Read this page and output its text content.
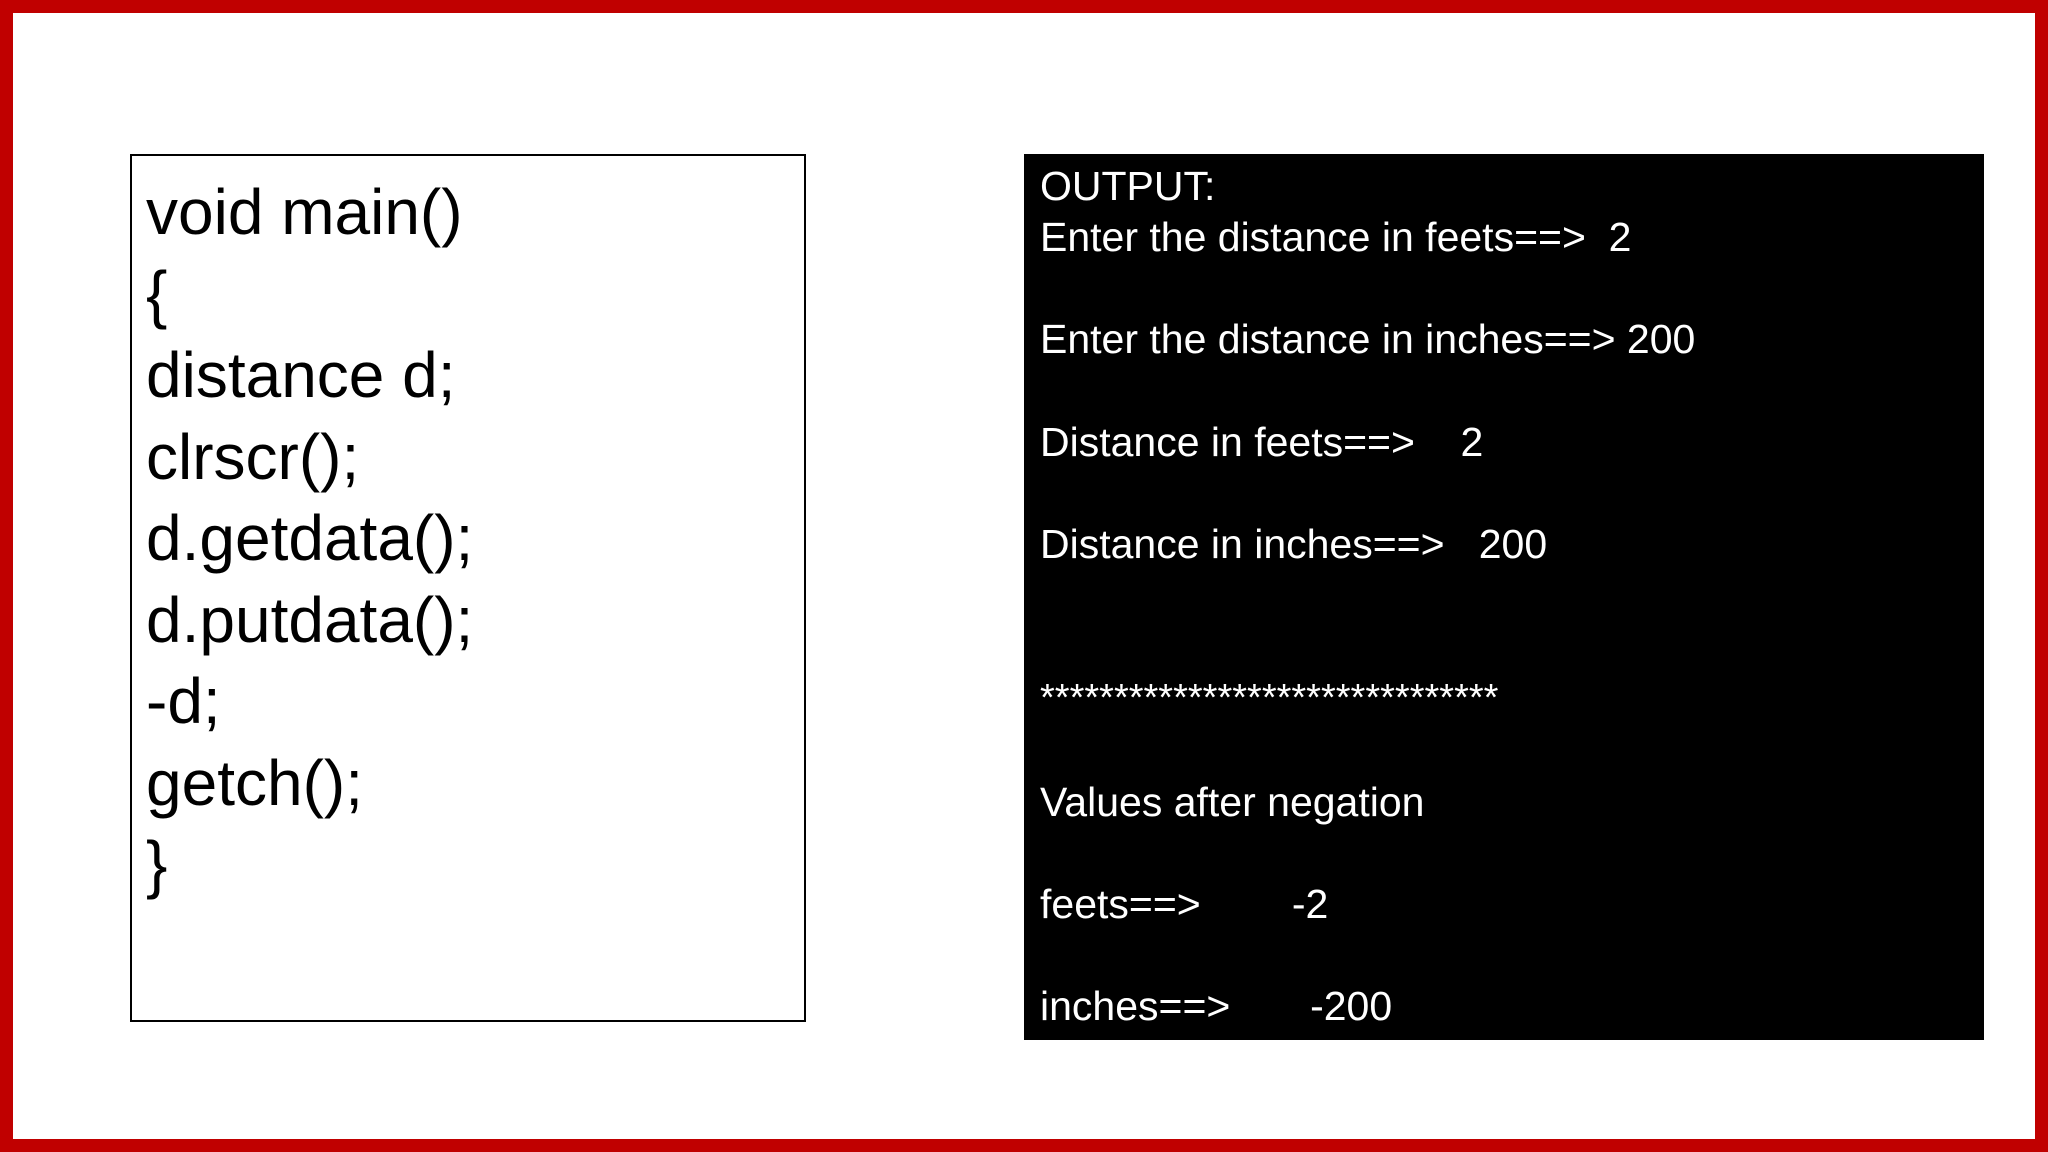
void main()
{
distance d;
clrscr();
d.getdata();
d.putdata();
-d;
getch();
}
OUTPUT:
Enter the distance in feets==>  2
Enter the distance in inches==> 200
Distance in feets==>    2
Distance in inches==>   200
*******************************
Values after negation
feets==>        -2
inches==>       -200
